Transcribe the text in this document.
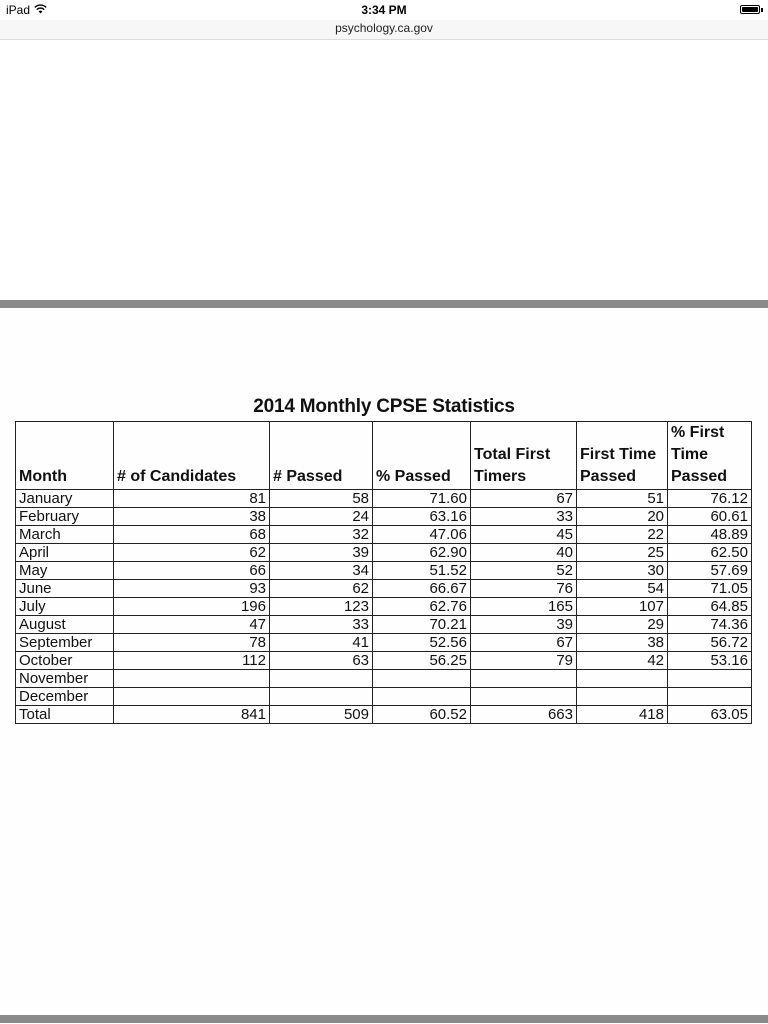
iPad	3:34 PM
psychology.ca.gov
2014 Monthly CPSE Statistics
Month	# of Candidates	# Passed	% Passed	Total First Timers	First Time Passed	% First Time Passed
January	81	58	71.60	67	51	76.12
February	38	24	63.16	33	20	60.61
March	68	32	47.06	45	22	48.89
April	62	39	62.90	40	25	62.50
May	66	34	51.52	52	30	57.69
June	93	62	66.67	76	54	71.05
July	196	123	62.76	165	107	64.85
August	47	33	70.21	39	29	74.36
September	78	41	52.56	67	38	56.72
October	112	63	56.25	79	42	53.16
November						
December						
Total	841	509	60.52	663	418	63.05
